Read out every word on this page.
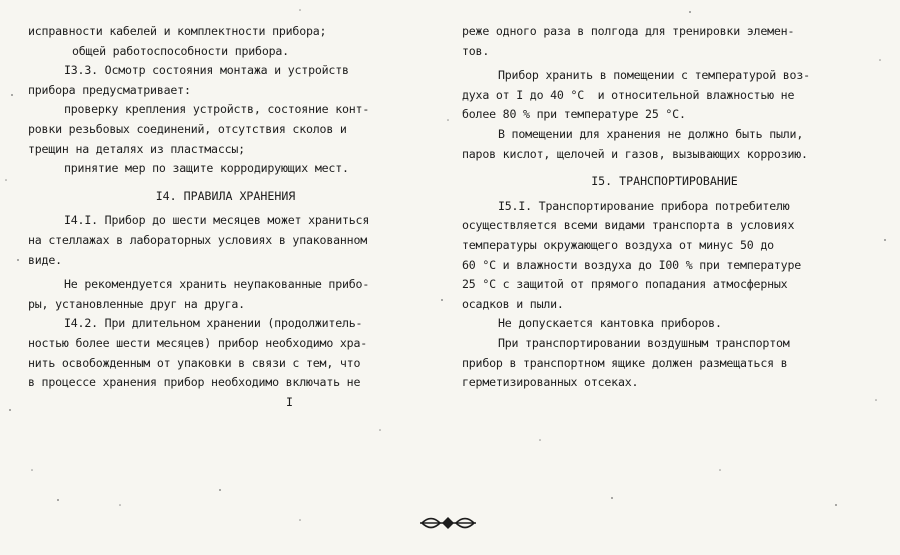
исправности кабелей и комплектности прибора;
общей работоспособности прибора.
I3.3. Осмотр состояния монтажа и устройств
прибора предусматривает:
проверку крепления устройств, состояние конт-
ровки резьбовых соединений, отсутствия сколов и
трещин на деталях из пластмассы;
принятие мер по защите корродирующих мест.
I4. ПРАВИЛА ХРАНЕНИЯ
I4.I. Прибор до шести месяцев может храниться
на стеллажах в лабораторных условиях в упакованном
виде.
Не рекомендуется хранить неупакованные прибо-
ры, установленные друг на друга.
I4.2. При длительном хранении (продолжитель-
ностью более шести месяцев) прибор необходимо хра-
нить освобожденным от упаковки в связи с тем, что
в процессе хранения прибор необходимо включать не
I
реже одного раза в полгода для тренировки элемен-
тов.
Прибор хранить в помещении с температурой воз-
духа от I до 40 °С  и относительной влажностью не
более 80 % при температуре 25 °С.
В помещении для хранения не должно быть пыли,
паров кислот, щелочей и газов, вызывающих коррозию.
I5. ТРАНСПОРТИРОВАНИЕ
I5.I. Транспортирование прибора потребителю
осуществляется всеми видами транспорта в условиях
температуры окружающего воздуха от минус 50 до
60 °С и влажности воздуха до I00 % при температуре
25 °С с защитой от прямого попадания атмосферных
осадков и пыли.
Не допускается кантовка приборов.
При транспортировании воздушным транспортом
прибор в транспортном ящике должен размещаться в
герметизированных отсеках.
